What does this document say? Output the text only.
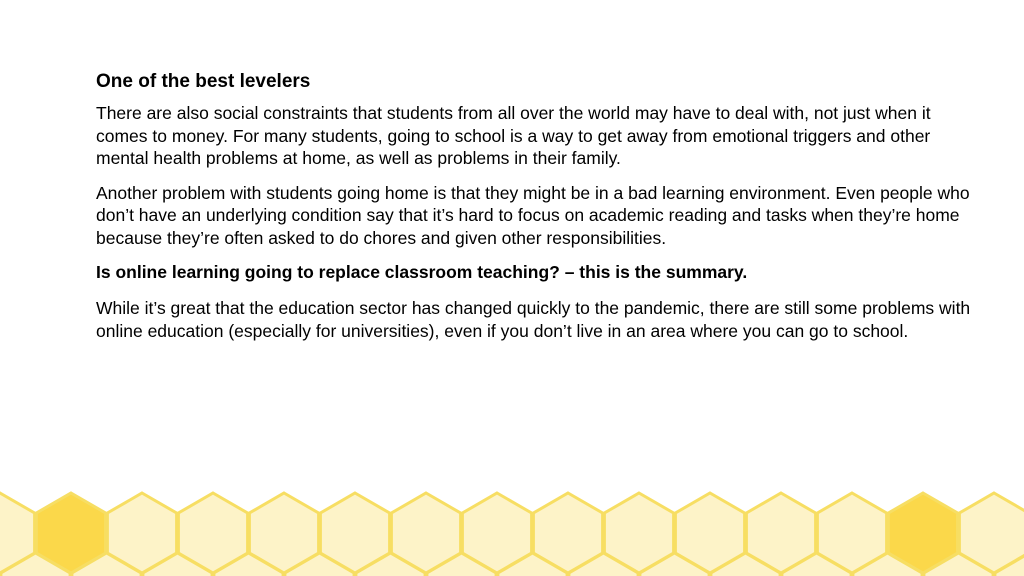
One of the best levelers

There are also social constraints that students from all over the world may have to deal with, not just when it comes to money. For many students, going to school is a way to get away from emotional triggers and other mental health problems at home, as well as problems in their family.

Another problem with students going home is that they might be in a bad learning environment. Even people who don’t have an underlying condition say that it’s hard to focus on academic reading and tasks when they’re home because they’re often asked to do chores and given other responsibilities.

Is online learning going to replace classroom teaching? – this is the summary.

While it’s great that the education sector has changed quickly to the pandemic, there are still some problems with online education (especially for universities), even if you don’t live in an area where you can go to school.
